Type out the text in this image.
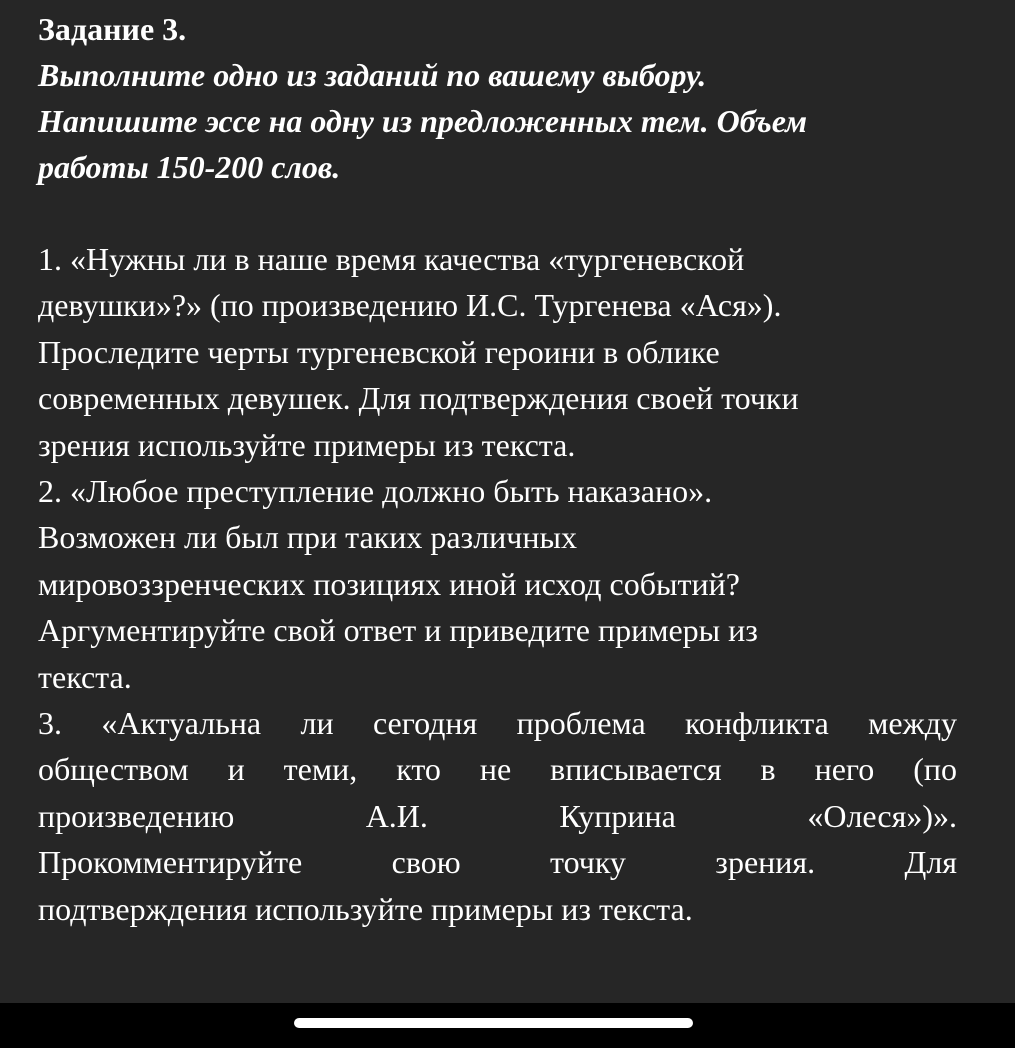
Задание 3.
Выполните одно из заданий по вашему выбору.
Напишите эссе на одну из предложенных тем. Объем
работы 150-200 слов.
1. «Нужны ли в наше время качества «тургеневской
девушки»?» (по произведению И.С. Тургенева «Ася»).
Проследите черты тургеневской героини в облике
современных девушек. Для подтверждения своей точки
зрения используйте примеры из текста.
2. «Любое преступление должно быть наказано».
Возможен ли был при таких различных
мировоззренческих позициях иной исход событий?
Аргументируйте свой ответ и приведите примеры из
текста.
3. «Актуальна ли сегодня проблема конфликта между
обществом и теми, кто не вписывается в него (по
произведению А.И. Куприна «Олеся»)».
Прокомментируйте свою точку зрения. Для
подтверждения используйте примеры из текста.
